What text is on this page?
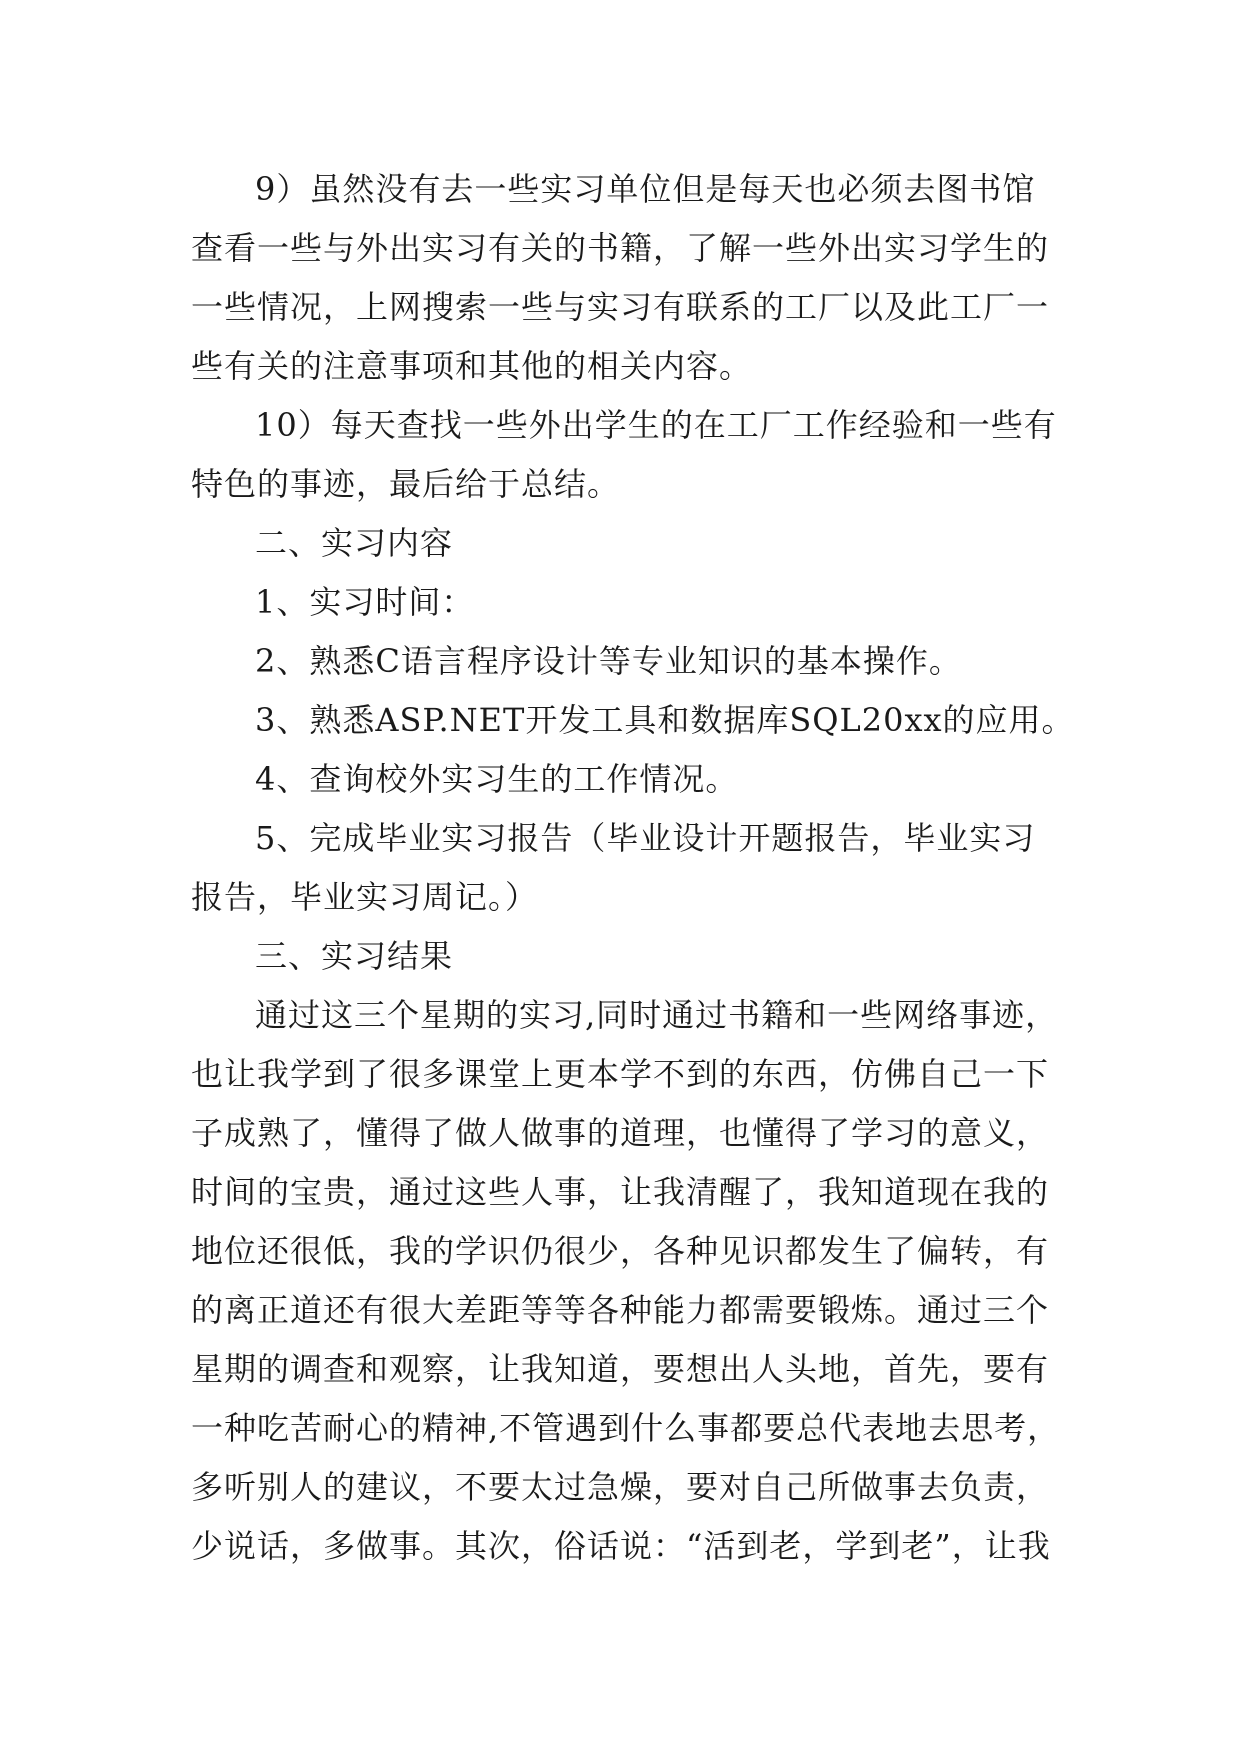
9）虽然没有去一些实习单位但是每天也必须去图书馆
查看一些与外出实习有关的书籍，了解一些外出实习学生的
一些情况，上网搜索一些与实习有联系的工厂以及此工厂一
些有关的注意事项和其他的相关内容。
10）每天查找一些外出学生的在工厂工作经验和一些有
特色的事迹，最后给于总结。
二、实习内容
1、实习时间：
2、熟悉C语言程序设计等专业知识的基本操作。
3、熟悉ASP.NET开发工具和数据库SQL20xx的应用。
4、查询校外实习生的工作情况。
5、完成毕业实习报告（毕业设计开题报告，毕业实习
报告，毕业实习周记。）
三、实习结果
通过这三个星期的实习,同时通过书籍和一些网络事迹，
也让我学到了很多课堂上更本学不到的东西，仿佛自己一下
子成熟了，懂得了做人做事的道理，也懂得了学习的意义，
时间的宝贵，通过这些人事，让我清醒了，我知道现在我的
地位还很低，我的学识仍很少，各种见识都发生了偏转，有
的离正道还有很大差距等等各种能力都需要锻炼。通过三个
星期的调查和观察，让我知道，要想出人头地，首先，要有
一种吃苦耐心的精神,不管遇到什么事都要总代表地去思考，
多听别人的建议，不要太过急燥，要对自己所做事去负责，
少说话，多做事。其次，俗话说：“活到老，学到老”，让我
